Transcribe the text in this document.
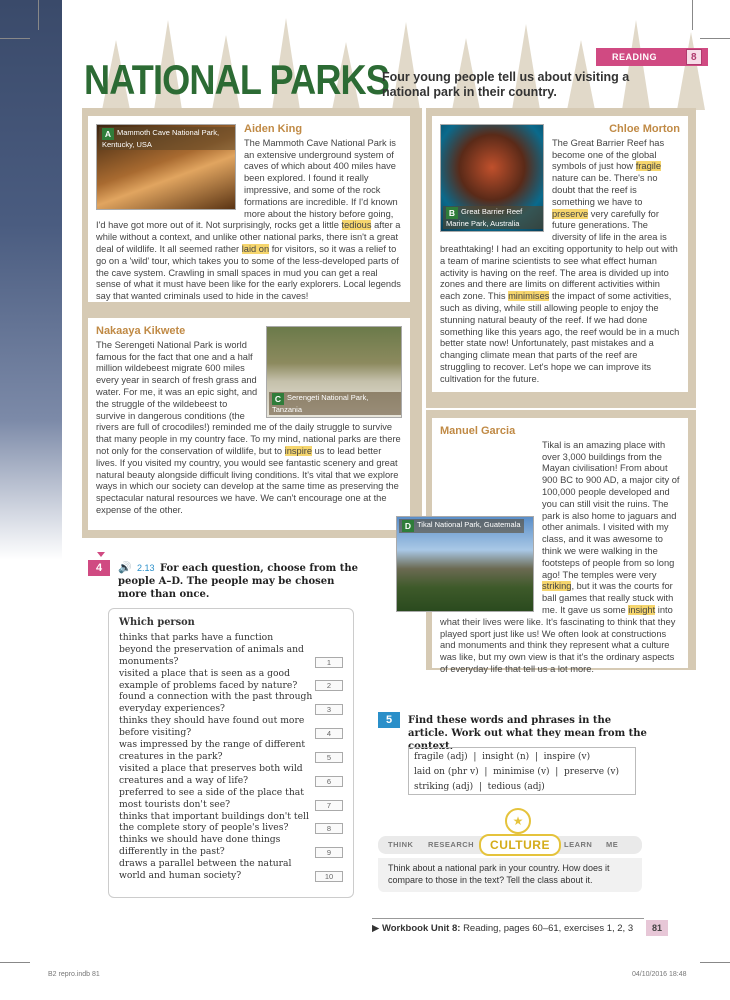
READING	8
NATIONAL PARKS
Four young people tell us about visiting a national park in their country.
A Mammoth Cave National Park, Kentucky, USA
Aiden King

The Mammoth Cave National Park is an extensive underground system of caves of which about 400 miles have been explored. I found it really impressive, and some of the rock formations are incredible. If I'd known more about the history before going, I'd have got more out of it. Not surprisingly, rocks get a little tedious after a while without a context, and unlike other national parks, there isn't a great deal of wildlife. It all seemed rather laid on for visitors, so it was a relief to go on a 'wild' tour, which takes you to some of the less-developed parts of the cave system. Crawling in small spaces in mud you can get a real sense of what it must have been like for the early explorers. Local legends say that wanted criminals used to hide in the caves!

B Great Barrier Reef Marine Park, Australia
Chloe Morton

The Great Barrier Reef has become one of the global symbols of just how fragile nature can be. There's no doubt that the reef is something we have to preserve very carefully for future generations. The diversity of life in the area is breathtaking! I had an exciting opportunity to help out with a team of marine scientists to see what effect human activity is having on the reef. The area is divided up into zones and there are limits on different activities within each zone. This minimises the impact of some activities, such as diving, while still allowing people to enjoy the stunning natural beauty of the reef. If we had done something like this years ago, the reef would be in a much better state now! Unfortunately, past mistakes and a changing climate mean that parts of the reef are struggling to recover. Let's hope we can improve its cultivation for the future.

C Serengeti National Park, Tanzania
Nakaaya Kikwete

The Serengeti National Park is world famous for the fact that one and a half million wildebeest migrate 600 miles every year in search of fresh grass and water. For me, it was an epic sight, and the struggle of the wildebeest to survive in dangerous conditions (the rivers are full of crocodiles!) reminded me of the daily struggle to survive that many people in my country face. To my mind, national parks are there not only for the conservation of wildlife, but to inspire us to lead better lives. If you visited my country, you would see fantastic scenery and great natural beauty alongside difficult living conditions. It's vital that we explore ways in which our society can develop at the same time as preserving the spectacular natural resources we have. We can't encourage one at the expense of the other.

Manuel Garcia
D Tikal National Park, Guatemala

Tikal is an amazing place with over 3,000 buildings from the Mayan civilisation! From about 900 BC to 900 AD, a major city of 100,000 people developed and you can still visit the ruins. The park is also home to jaguars and other animals. I visited with my class, and it was awesome to think we were walking in the footsteps of people from so long ago! The temples were very striking, but it was the courts for ball games that really stuck with me. It gave us some insight into what their lives were like. It's fascinating to think that they played sport just like us! We often look at constructions and monuments and think they represent what a culture was like, but my own view is that it's the ordinary aspects of everyday life that tell us a lot more.

4	🔊 2.13 For each question, choose from the people A–D. The people may be chosen more than once.
Which person
thinks that parks have a function beyond the preservation of animals and monuments?	1
visited a place that is seen as a good example of problems faced by nature?	2
found a connection with the past through everyday experiences?	3
thinks they should have found out more before visiting?	4
was impressed by the range of different creatures in the park?	5
visited a place that preserves both wild creatures and a way of life?	6
preferred to see a side of the place that most tourists don't see?	7
thinks that important buildings don't tell the complete story of people's lives?	8
thinks we should have done things differently in the past?	9
draws a parallel between the natural world and human society?	10
5	Find these words and phrases in the article. Work out what they mean from the context.
fragile (adj)  |  insight (n)  |  inspire (v)
laid on (phr v)  |  minimise (v)  |  preserve (v)
striking (adj)  |  tedious (adj)
★
THINK RESEARCH	LEARN ME
CULTURE
Think about a national park in your country. How does it compare to those in the text? Tell the class about it.
▶ Workbook Unit 8: Reading, pages 60–61, exercises 1, 2, 3	81
B2 repro.indb 81	04/10/2016 18:48
